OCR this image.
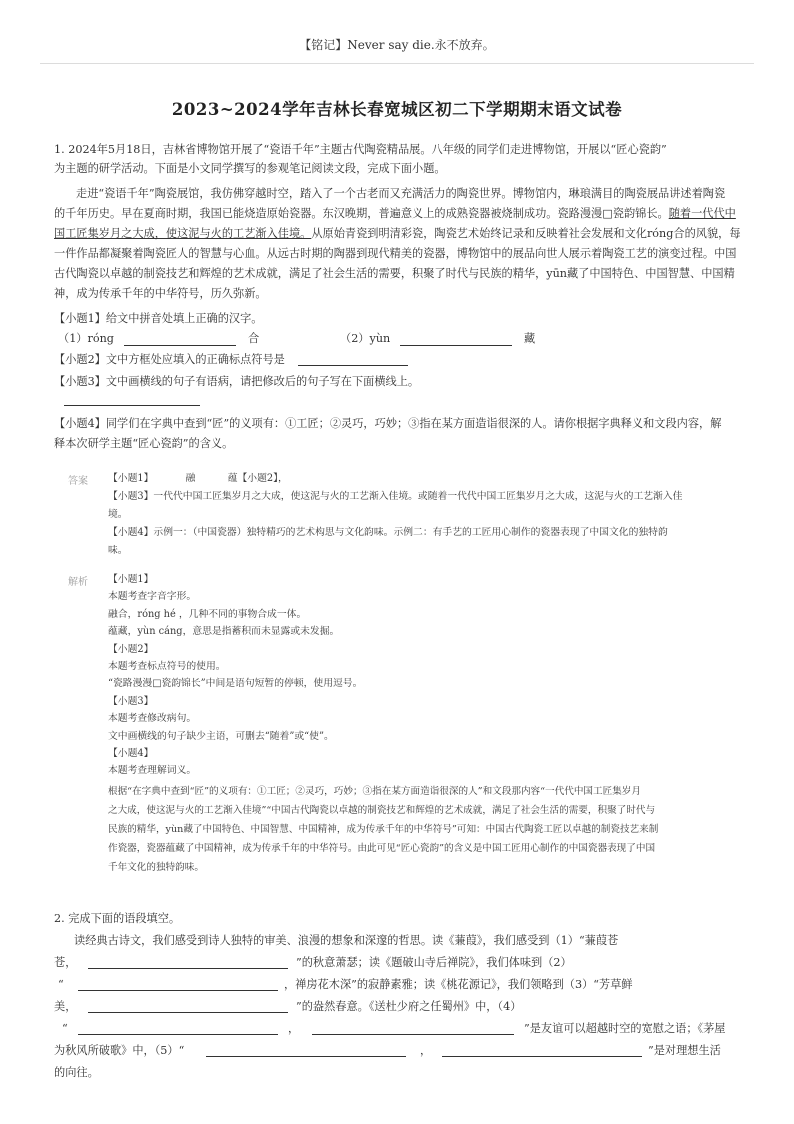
【铭记】Never say die.永不放弃。
2023~2024学年吉林长春宽城区初二下学期期末语文试卷
1. 2024年5月18日，吉林省博物馆开展了“瓷语千年”主题古代陶瓷精品展。八年级的同学们走进博物馆，开展以“匠心瓷韵”
为主题的研学活动。下面是小文同学撰写的参观笔记阅读文段，完成下面小题。
走进“瓷语千年”陶瓷展馆，我仿佛穿越时空，踏入了一个古老而又充满活力的陶瓷世界。博物馆内，琳琅满目的陶瓷展品讲述着陶瓷
的千年历史。早在夏商时期，我国已能烧造原始瓷器。东汉晚期，普遍意义上的成熟瓷器被烧制成功。瓷路漫漫□瓷韵锦长。随着一代代中
国工匠集岁月之大成，使这泥与火的工艺渐入佳境。从原始青瓷到明清彩瓷，陶瓷艺术始终记录和反映着社会发展和文化róng合的风貌，每
一件作品都凝聚着陶瓷匠人的智慧与心血。从远古时期的陶器到现代精美的瓷器，博物馆中的展品向世人展示着陶瓷工艺的演变过程。中国
古代陶瓷以卓越的制瓷技艺和辉煌的艺术成就，满足了社会生活的需要，积聚了时代与民族的精华，yūn藏了中国特色、中国智慧、中国精
神，成为传承千年的中华符号，历久弥新。
【小题1】给文中拼音处填上正确的汉字。
（1）róng	合	（2）yùn	藏
【小题2】文中方框处应填入的正确标点符号是
【小题3】文中画横线的句子有语病，请把修改后的句子写在下面横线上。
【小题4】同学们在字典中查到“匠”的义项有：①工匠；②灵巧，巧妙；③指在某方面造诣很深的人。请你根据字典释义和文段内容，解
释本次研学主题“匠心瓷韵”的含义。
答案 【小题1】	融	蕴【小题2】，
【小题3】一代代中国工匠集岁月之大成，使这泥与火的工艺渐入佳境。或随着一代代中国工匠集岁月之大成，这泥与火的工艺渐入佳
境。
【小题4】示例一：（中国瓷器）独特精巧的艺术构思与文化韵味。示例二：有手艺的工匠用心制作的瓷器表现了中国文化的独特韵
味。
解析 【小题1】
本题考查字音字形。
融合，róng hé ，几种不同的事物合成一体。
蕴藏，yùn cáng，意思是指蓄积而未显露或未发掘。
【小题2】
本题考查标点符号的使用。
“瓷路漫漫□瓷韵锦长”中间是语句短暂的停顿，使用逗号。
【小题3】
本题考查修改病句。
文中画横线的句子缺少主语，可删去“随着”或“使”。
【小题4】
本题考查理解词义。
根据“在字典中查到“匠”的义项有：①工匠；②灵巧，巧妙；③指在某方面造诣很深的人”和文段那内容“一代代中国工匠集岁月
之大成，使这泥与火的工艺渐入佳境”“中国古代陶瓷以卓越的制瓷技艺和辉煌的艺术成就，满足了社会生活的需要，积聚了时代与
民族的精华，yùn藏了中国特色、中国智慧、中国精神，成为传承千年的中华符号”可知：中国古代陶瓷工匠以卓越的制瓷技艺来制
作瓷器，瓷器蕴藏了中国精神，成为传承千年的中华符号。由此可见“匠心瓷韵”的含义是中国工匠用心制作的中国瓷器表现了中国
千年文化的独特韵味。
2. 完成下面的语段填空。
读经典古诗文，我们感受到诗人独特的审美、浪漫的想象和深邃的哲思。读《蒹葭》，我们感受到（1）“蒹葭苍
苍，	”的秋意萧瑟；读《题破山寺后禅院》，我们体味到（2）
“	，禅房花木深”的寂静素雅；读《桃花源记》，我们领略到（3）“芳草鲜
美，	”的盎然春意。《送杜少府之任蜀州》中，（4）
“	，	”是友谊可以超越时空的宽慰之语；《茅屋
为秋风所破歌》中，（5）“	，	”是对理想生活
的向往。
